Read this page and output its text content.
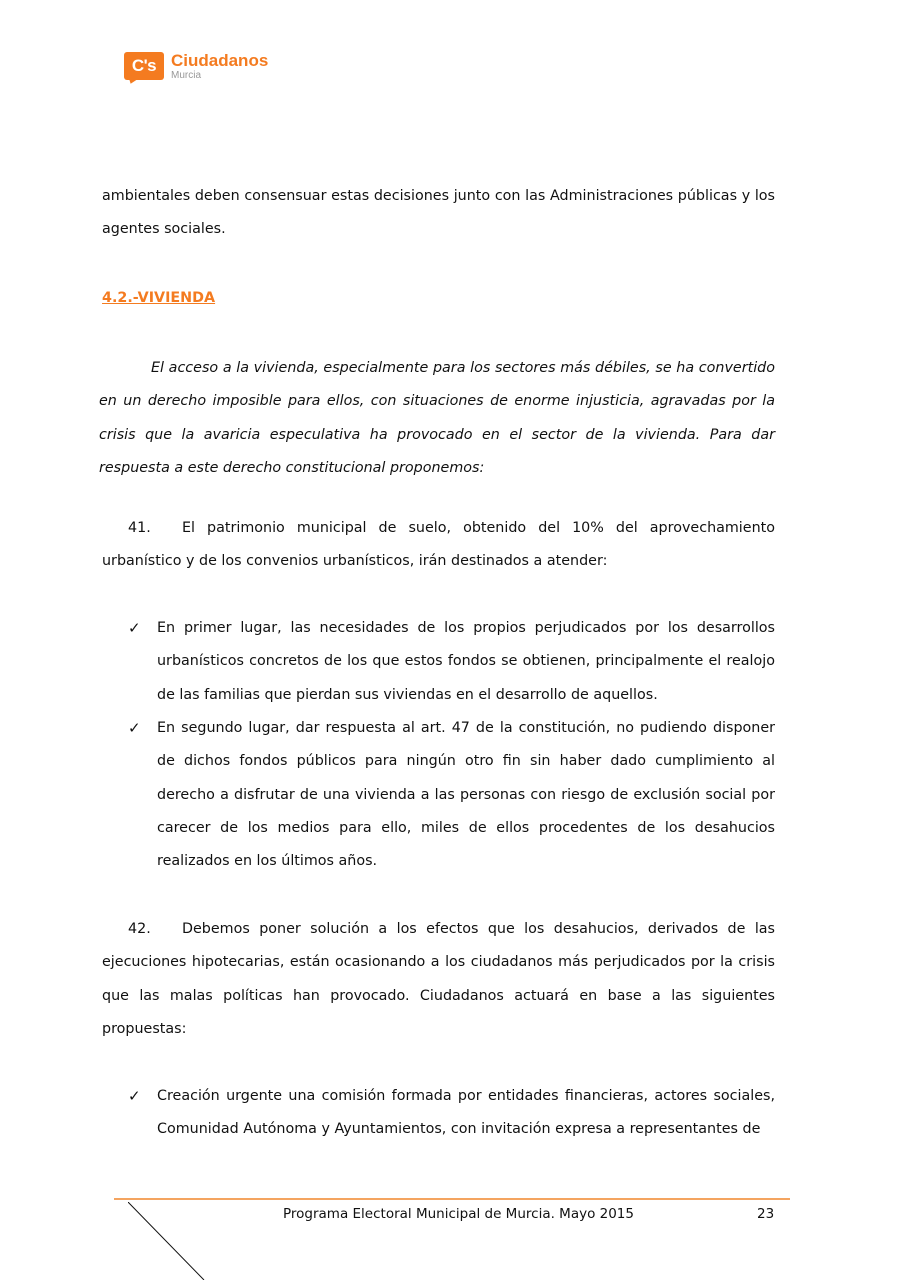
C's Ciudadanos
Murcia
ambientales deben consensuar estas decisiones junto con las Administraciones públicas y los agentes sociales.
4.2.-VIVIENDA
El acceso a la vivienda, especialmente para los sectores más débiles, se ha convertido en un derecho imposible para ellos, con situaciones de enorme injusticia, agravadas por la crisis que la avaricia especulativa ha provocado en el sector de la vivienda. Para dar respuesta a este derecho constitucional proponemos:
41. El patrimonio municipal de suelo, obtenido del 10% del aprovechamiento urbanístico y de los convenios urbanísticos, irán destinados a atender:
✓ En primer lugar, las necesidades de los propios perjudicados por los desarrollos urbanísticos concretos de los que estos fondos se obtienen, principalmente el realojo de las familias que pierdan sus viviendas en el desarrollo de aquellos.
✓ En segundo lugar, dar respuesta al art. 47 de la constitución, no pudiendo disponer de dichos fondos públicos para ningún otro fin sin haber dado cumplimiento al derecho a disfrutar de una vivienda a las personas con riesgo de exclusión social por carecer de los medios para ello, miles de ellos procedentes de los desahucios realizados en los últimos años.
42. Debemos poner solución a los efectos que los desahucios, derivados de las ejecuciones hipotecarias, están ocasionando a los ciudadanos más perjudicados por la crisis que las malas políticas han provocado. Ciudadanos actuará en base a las siguientes propuestas:
✓ Creación urgente una comisión formada por entidades financieras, actores sociales, Comunidad Autónoma y Ayuntamientos, con invitación expresa a representantes de
Programa Electoral Municipal de Murcia. Mayo 2015	23
